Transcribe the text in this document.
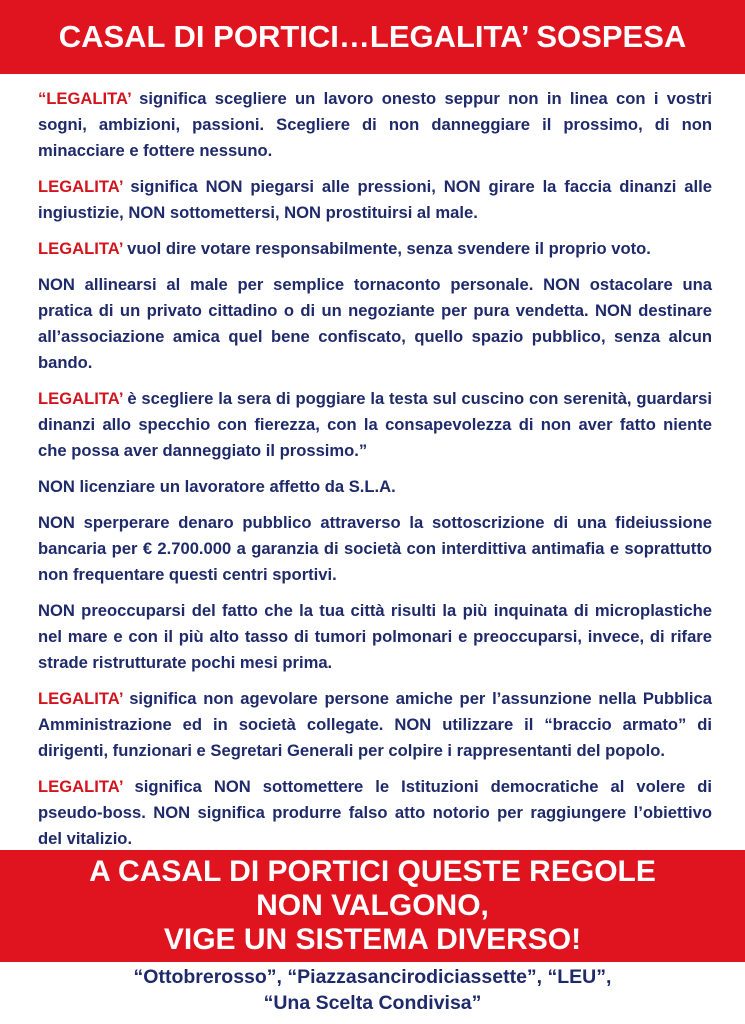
CASAL DI PORTICI…LEGALITA’ SOSPESA

“LEGALITA’ significa scegliere un lavoro onesto seppur non in linea con i vostri sogni, ambizioni, passioni. Scegliere di non danneggiare il prossimo, di non minacciare e fottere nessuno.

LEGALITA’ significa NON piegarsi alle pressioni, NON girare la faccia dinanzi alle ingiustizie, NON sottomettersi, NON prostituirsi al male.

LEGALITA’ vuol dire votare responsabilmente, senza svendere il proprio voto.

NON allinearsi al male per semplice tornaconto personale. NON ostacolare una pratica di un privato cittadino o di un negoziante per pura vendetta. NON destinare all’associazione amica quel bene confiscato, quello spazio pubblico, senza alcun bando.

LEGALITA’ è scegliere la sera di poggiare la testa sul cuscino con serenità, guardarsi dinanzi allo specchio con fierezza, con la consapevolezza di non aver fatto niente che possa aver danneggiato il prossimo.”

NON licenziare un lavoratore affetto da S.L.A.

NON sperperare denaro pubblico attraverso la sottoscrizione di una fideiussione bancaria per € 2.700.000 a garanzia di società con interdittiva antimafia e soprattutto non frequentare questi centri sportivi.

NON preoccuparsi del fatto che la tua città risulti la più inquinata di microplastiche nel mare e con il più alto tasso di tumori polmonari e preoccuparsi, invece, di rifare strade ristrutturate pochi mesi prima.

LEGALITA’ significa non agevolare persone amiche per l’assunzione nella Pubblica Amministrazione ed in società collegate. NON utilizzare il “braccio armato” di dirigenti, funzionari e Segretari Generali per colpire i rappresentanti del popolo.

LEGALITA’ significa NON sottomettere le Istituzioni democratiche al volere di pseudo-boss. NON significa produrre falso atto notorio per raggiungere l’obiettivo del vitalizio.

A CASAL DI PORTICI QUESTE REGOLE
NON VALGONO,
VIGE UN SISTEMA DIVERSO!
“Ottobrerosso”, “Piazzasancirodiciassette”, “LEU”,
“Una Scelta Condivisa”
